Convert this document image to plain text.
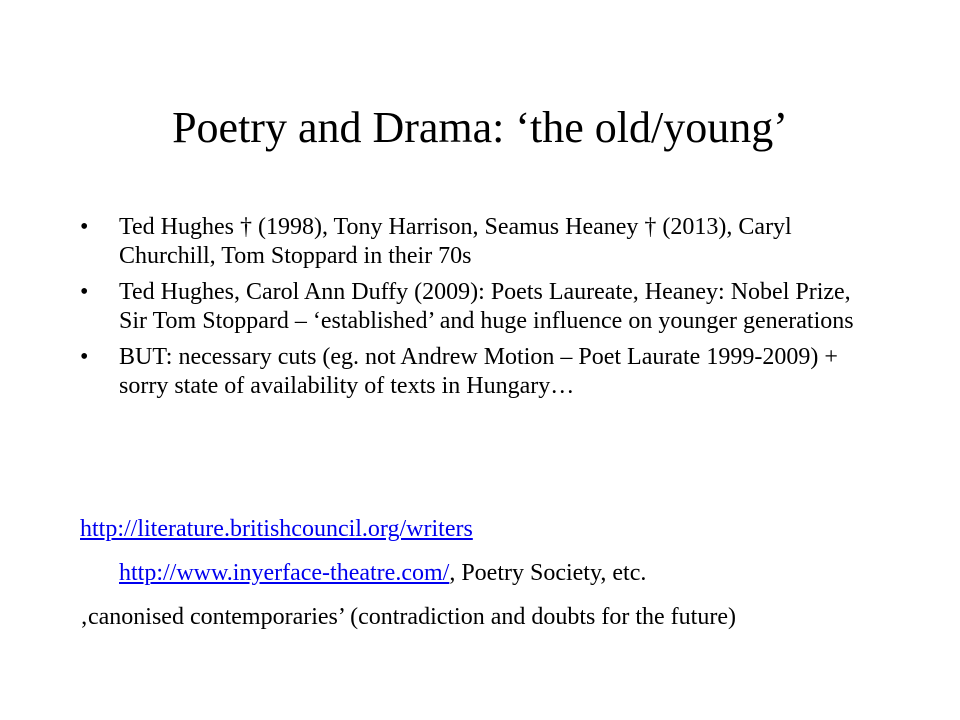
Poetry and Drama: ‘the old/young’
• Ted Hughes † (1998), Tony Harrison, Seamus Heaney † (2013), Caryl Churchill, Tom Stoppard in their 70s
• Ted Hughes, Carol Ann Duffy (2009): Poets Laureate, Heaney: Nobel Prize, Sir Tom Stoppard – ‘established’ and huge influence on younger generations
• BUT: necessary cuts (eg. not Andrew Motion – Poet Laurate 1999-2009) + sorry state of availability of texts in Hungary…

http://literature.britishcouncil.org/writers

http://www.inyerface-theatre.com/, Poetry Society, etc.

‚canonised contemporaries’ (contradiction and doubts for the future)
